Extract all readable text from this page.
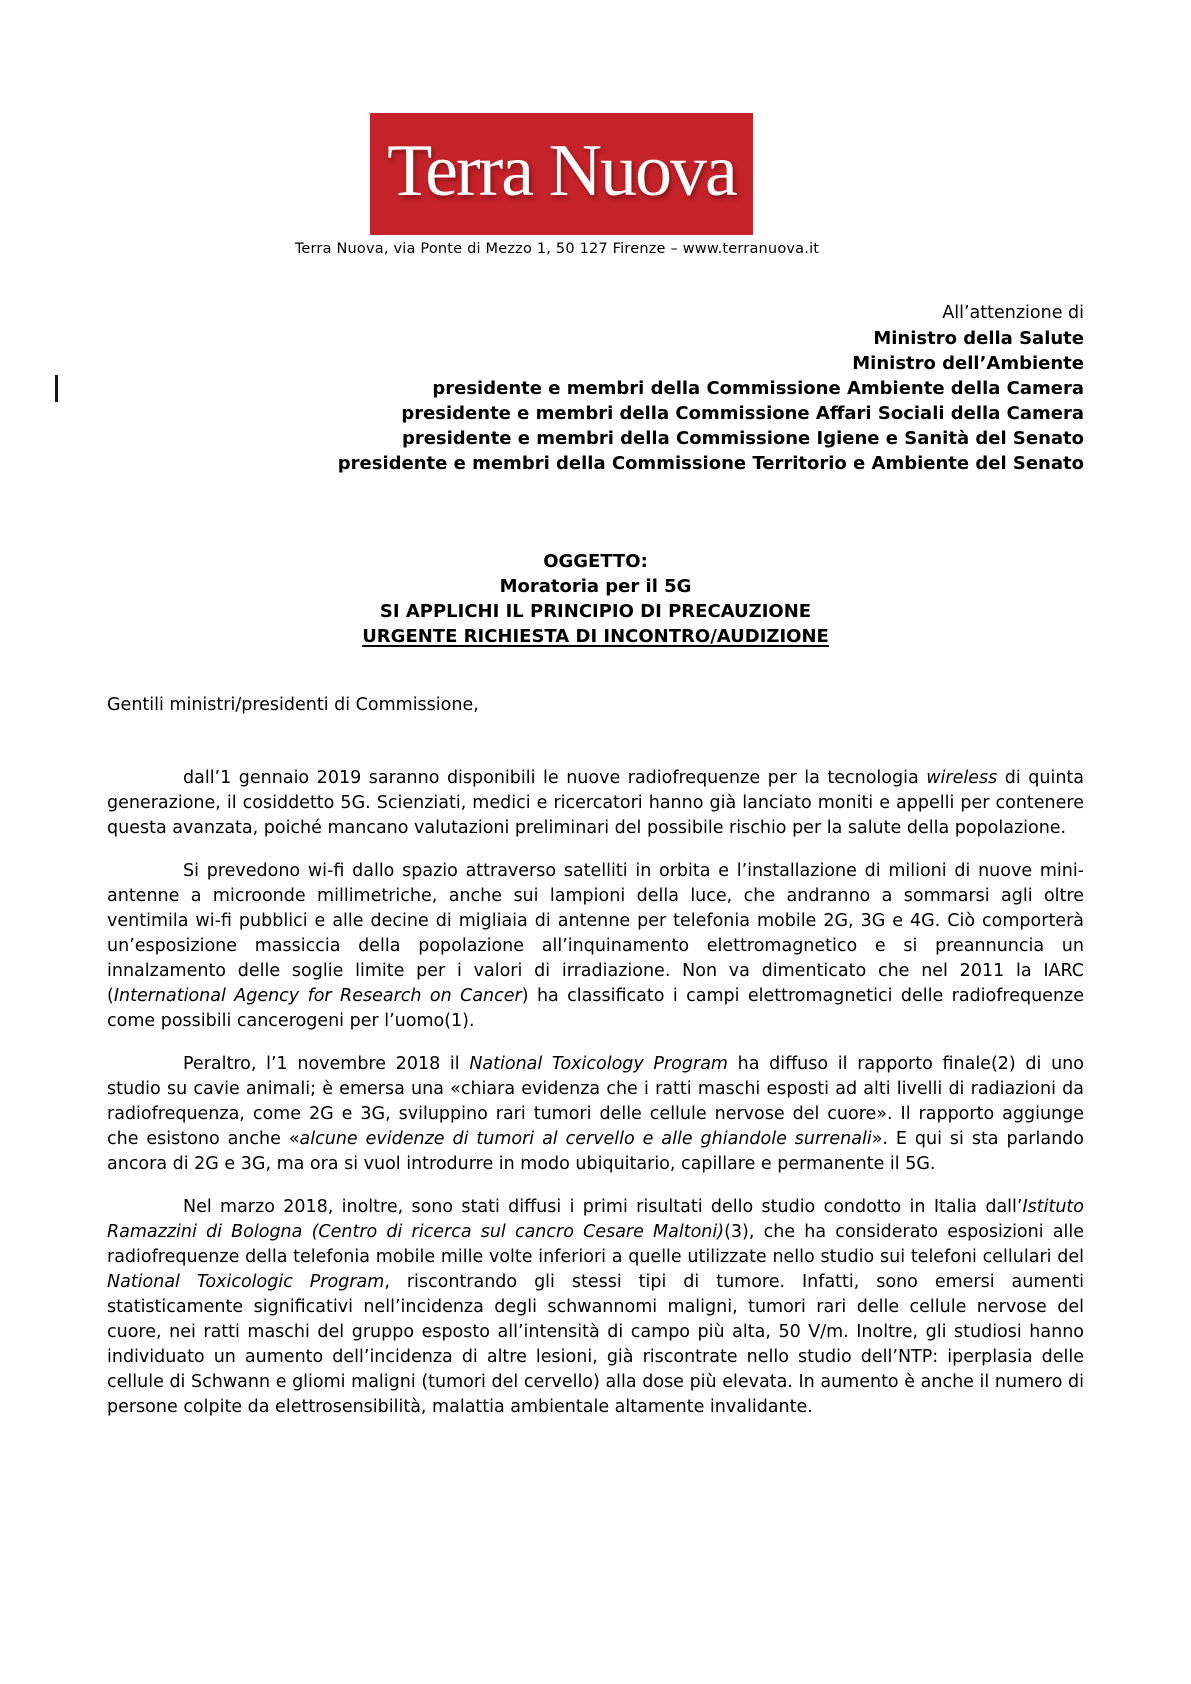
Terra Nuova
Terra Nuova, via Ponte di Mezzo 1, 50 127 Firenze – www.terranuova.it
All’attenzione di
Ministro della Salute
Ministro dell’Ambiente
presidente e membri della Commissione Ambiente della Camera
presidente e membri della Commissione Affari Sociali della Camera
presidente e membri della Commissione Igiene e Sanità del Senato
presidente e membri della Commissione Territorio e Ambiente del Senato
OGGETTO:
Moratoria per il 5G
SI APPLICHI IL PRINCIPIO DI PRECAUZIONE
URGENTE RICHIESTA DI INCONTRO/AUDIZIONE
Gentili ministri/presidenti di Commissione,

dall’1 gennaio 2019 saranno disponibili le nuove radiofrequenze per la tecnologia wireless di quinta generazione, il cosiddetto 5G. Scienziati, medici e ricercatori hanno già lanciato moniti e appelli per contenere questa avanzata, poiché mancano valutazioni preliminari del possibile rischio per la salute della popolazione.

Si prevedono wi-fi dallo spazio attraverso satelliti in orbita e l’installazione di milioni di nuove mini-antenne a microonde millimetriche, anche sui lampioni della luce, che andranno a sommarsi agli oltre ventimila wi-fi pubblici e alle decine di migliaia di antenne per telefonia mobile 2G, 3G e 4G. Ciò comporterà un’esposizione massiccia della popolazione all’inquinamento elettromagnetico e si preannuncia un innalzamento delle soglie limite per i valori di irradiazione. Non va dimenticato che nel 2011 la IARC (International Agency for Research on Cancer) ha classificato i campi elettromagnetici delle radiofrequenze come possibili cancerogeni per l’uomo(1).

Peraltro, l’1 novembre 2018 il National Toxicology Program ha diffuso il rapporto finale(2) di uno studio su cavie animali; è emersa una «chiara evidenza che i ratti maschi esposti ad alti livelli di radiazioni da radiofrequenza, come 2G e 3G, sviluppino rari tumori delle cellule nervose del cuore». Il rapporto aggiunge che esistono anche «alcune evidenze di tumori al cervello e alle ghiandole surrenali». E qui si sta parlando ancora di 2G e 3G, ma ora si vuol introdurre in modo ubiquitario, capillare e permanente il 5G.

Nel marzo 2018, inoltre, sono stati diffusi i primi risultati dello studio condotto in Italia dall’Istituto Ramazzini di Bologna (Centro di ricerca sul cancro Cesare Maltoni)(3), che ha considerato esposizioni alle radiofrequenze della telefonia mobile mille volte inferiori a quelle utilizzate nello studio sui telefoni cellulari del National Toxicologic Program, riscontrando gli stessi tipi di tumore. Infatti, sono emersi aumenti statisticamente significativi nell’incidenza degli schwannomi maligni, tumori rari delle cellule nervose del cuore, nei ratti maschi del gruppo esposto all’intensità di campo più alta, 50 V/m. Inoltre, gli studiosi hanno individuato un aumento dell’incidenza di altre lesioni, già riscontrate nello studio dell’NTP: iperplasia delle cellule di Schwann e gliomi maligni (tumori del cervello) alla dose più elevata. In aumento è anche il numero di persone colpite da elettrosensibilità, malattia ambientale altamente invalidante.
